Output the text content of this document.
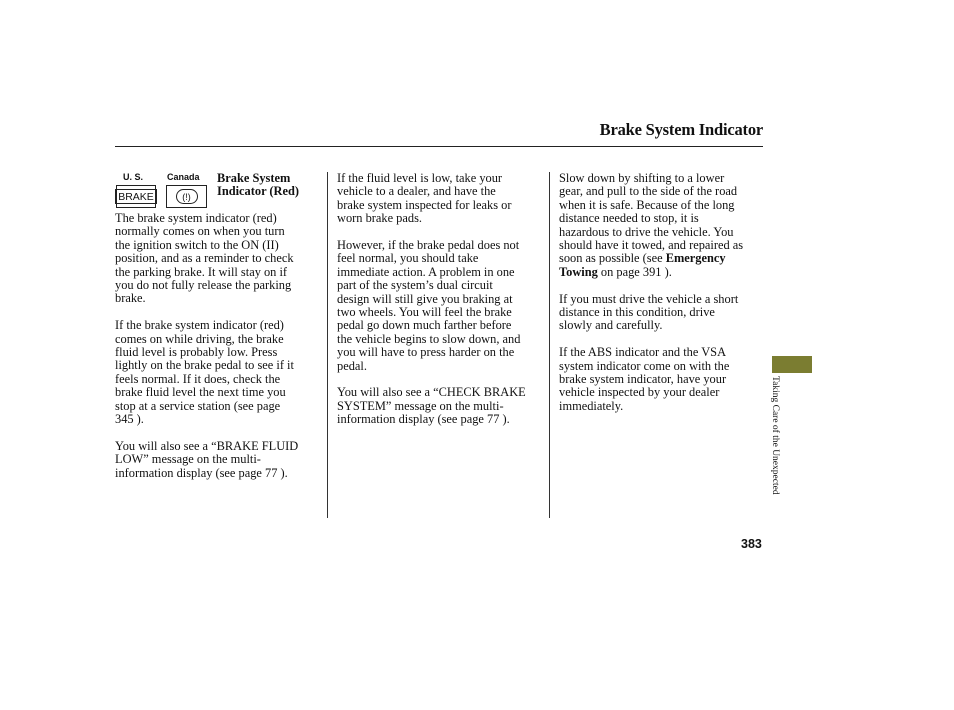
Brake System Indicator
U. S.	Canada
BRAKE	(!)
Brake System
Indicator (Red)

The brake system indicator (red)
normally comes on when you turn
the ignition switch to the ON (II)
position, and as a reminder to check
the parking brake. It will stay on if
you do not fully release the parking
brake.

If the brake system indicator (red)
comes on while driving, the brake
fluid level is probably low. Press
lightly on the brake pedal to see if it
feels normal. If it does, check the
brake fluid level the next time you
stop at a service station (see page
345 ).

You will also see a “BRAKE FLUID
LOW” message on the multi-
information display (see page 77 ).

If the fluid level is low, take your
vehicle to a dealer, and have the
brake system inspected for leaks or
worn brake pads.

However, if the brake pedal does not
feel normal, you should take
immediate action. A problem in one
part of the system’s dual circuit
design will still give you braking at
two wheels. You will feel the brake
pedal go down much farther before
the vehicle begins to slow down, and
you will have to press harder on the
pedal.

You will also see a “CHECK BRAKE
SYSTEM” message on the multi-
information display (see page 77 ).

Slow down by shifting to a lower
gear, and pull to the side of the road
when it is safe. Because of the long
distance needed to stop, it is
hazardous to drive the vehicle. You
should have it towed, and repaired as
soon as possible (see Emergency
Towing on page 391 ).

If you must drive the vehicle a short
distance in this condition, drive
slowly and carefully.

If the ABS indicator and the VSA
system indicator come on with the
brake system indicator, have your
vehicle inspected by your dealer
immediately.	Taking Care of the Unexpected
383
